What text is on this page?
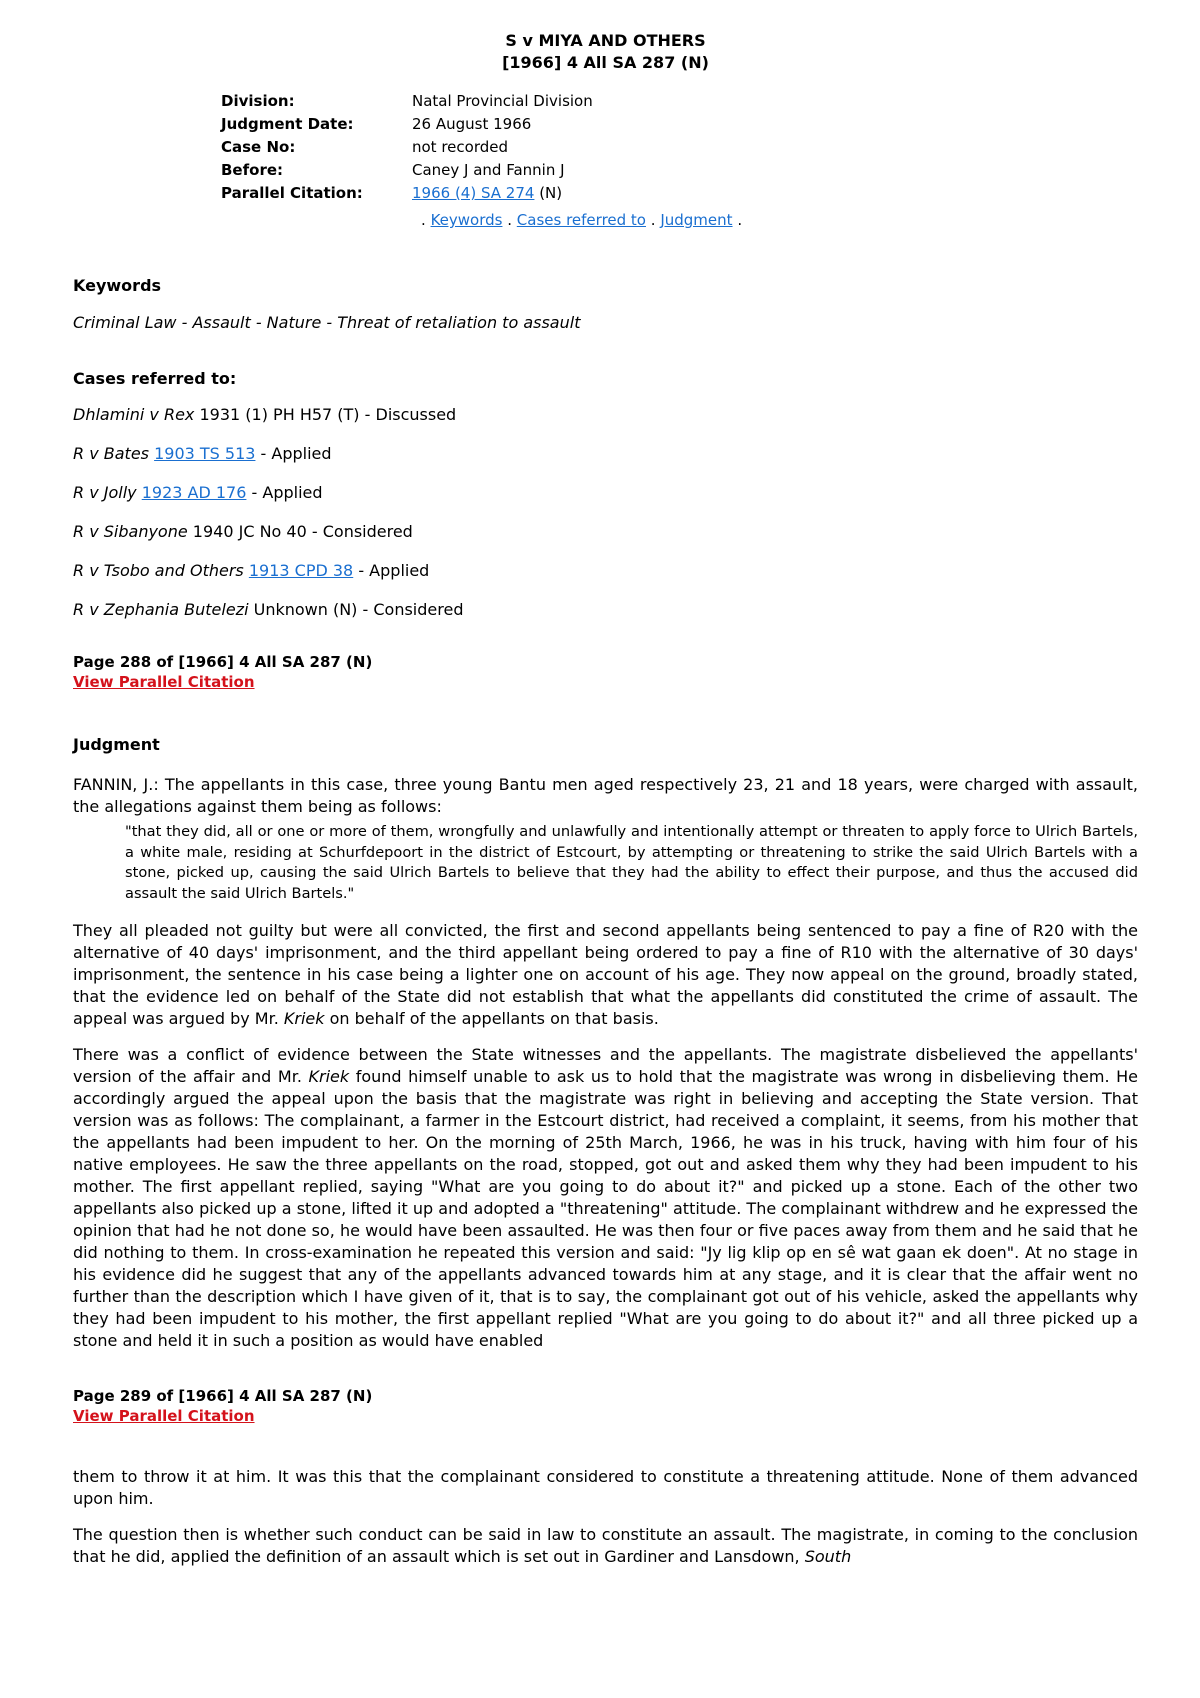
S v MIYA AND OTHERS
[1966] 4 All SA 287 (N)
Division:	Natal Provincial Division
Judgment Date:	26 August 1966
Case No:	not recorded
Before:	Caney J and Fannin J
Parallel Citation:	1966 (4) SA 274 (N)
. Keywords . Cases referred to . Judgment .
Keywords
Criminal Law - Assault - Nature - Threat of retaliation to assault
Cases referred to:
Dhlamini v Rex 1931 (1) PH H57 (T) - Discussed
R v Bates 1903 TS 513 - Applied
R v Jolly 1923 AD 176 - Applied
R v Sibanyone 1940 JC No 40 - Considered
R v Tsobo and Others 1913 CPD 38 - Applied
R v Zephania Butelezi Unknown (N) - Considered
Page 288 of [1966] 4 All SA 287 (N)
View Parallel Citation
Judgment
FANNIN, J.: The appellants in this case, three young Bantu men aged respectively 23, 21 and 18 years, were charged with assault, the allegations against them being as follows:
"that they did, all or one or more of them, wrongfully and unlawfully and intentionally attempt or threaten to apply force to Ulrich Bartels, a white male, residing at Schurfdepoort in the district of Estcourt, by attempting or threatening to strike the said Ulrich Bartels with a stone, picked up, causing the said Ulrich Bartels to believe that they had the ability to effect their purpose, and thus the accused did assault the said Ulrich Bartels."
They all pleaded not guilty but were all convicted, the first and second appellants being sentenced to pay a fine of R20 with the alternative of 40 days' imprisonment, and the third appellant being ordered to pay a fine of R10 with the alternative of 30 days' imprisonment, the sentence in his case being a lighter one on account of his age. They now appeal on the ground, broadly stated, that the evidence led on behalf of the State did not establish that what the appellants did constituted the crime of assault. The appeal was argued by Mr. Kriek on behalf of the appellants on that basis.
There was a conflict of evidence between the State witnesses and the appellants. The magistrate disbelieved the appellants' version of the affair and Mr. Kriek found himself unable to ask us to hold that the magistrate was wrong in disbelieving them. He accordingly argued the appeal upon the basis that the magistrate was right in believing and accepting the State version. That version was as follows: The complainant, a farmer in the Estcourt district, had received a complaint, it seems, from his mother that the appellants had been impudent to her. On the morning of 25th March, 1966, he was in his truck, having with him four of his native employees. He saw the three appellants on the road, stopped, got out and asked them why they had been impudent to his mother. The first appellant replied, saying "What are you going to do about it?" and picked up a stone. Each of the other two appellants also picked up a stone, lifted it up and adopted a "threatening" attitude. The complainant withdrew and he expressed the opinion that had he not done so, he would have been assaulted. He was then four or five paces away from them and he said that he did nothing to them. In cross-examination he repeated this version and said: "Jy lig klip op en sê wat gaan ek doen". At no stage in his evidence did he suggest that any of the appellants advanced towards him at any stage, and it is clear that the affair went no further than the description which I have given of it, that is to say, the complainant got out of his vehicle, asked the appellants why they had been impudent to his mother, the first appellant replied "What are you going to do about it?" and all three picked up a stone and held it in such a position as would have enabled
Page 289 of [1966] 4 All SA 287 (N)
View Parallel Citation
them to throw it at him. It was this that the complainant considered to constitute a threatening attitude. None of them advanced upon him.
The question then is whether such conduct can be said in law to constitute an assault. The magistrate, in coming to the conclusion that he did, applied the definition of an assault which is set out in Gardiner and Lansdown, South
